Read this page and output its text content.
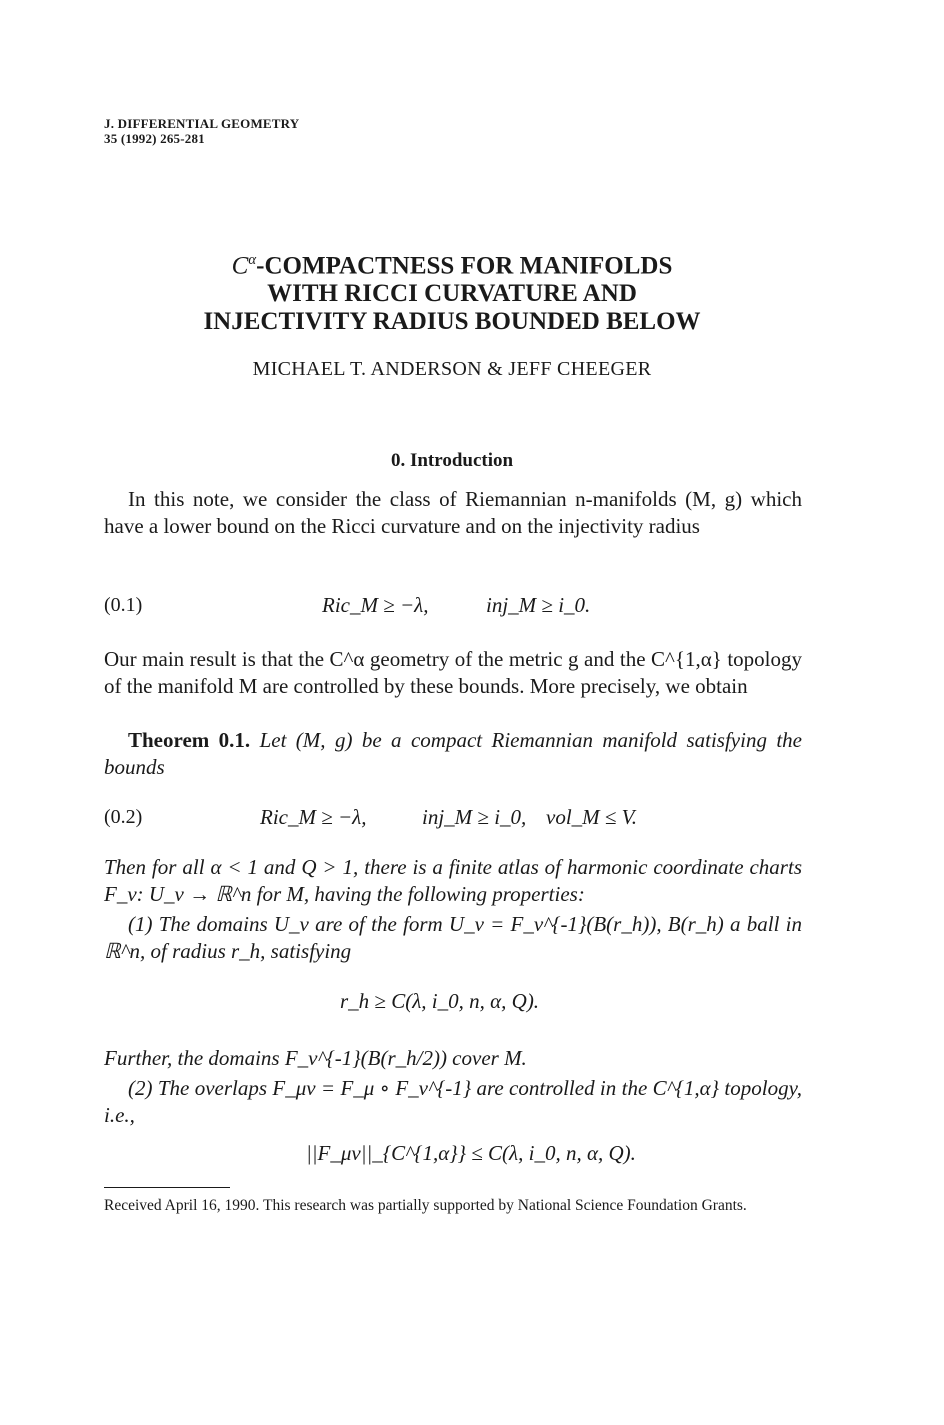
J. DIFFERENTIAL GEOMETRY
35 (1992) 265-281
$C^\alpha$-COMPACTNESS FOR MANIFOLDS
WITH RICCI CURVATURE AND
INJECTIVITY RADIUS BOUNDED BELOW
MICHAEL T. ANDERSON & JEFF CHEEGER
0. Introduction
In this note, we consider the class of Riemannian n-manifolds (M, g) which have a lower bound on the Ricci curvature and on the injectivity radius
(0.1)	Ric_M ≥ −λ,	inj_M ≥ i_0.
Our main result is that the C^α geometry of the metric g and the C^{1,α} topology of the manifold M are controlled by these bounds. More precisely, we obtain
Theorem 0.1. Let (M, g) be a compact Riemannian manifold satisfying the bounds
(0.2)	Ric_M ≥ −λ,	inj_M ≥ i_0, vol_M ≤ V.
Then for all α < 1 and Q > 1, there is a finite atlas of harmonic coordinate charts F_ν: U_ν → ℝ^n for M, having the following properties:
(1) The domains U_ν are of the form U_ν = F_ν^{-1}(B(r_h)), B(r_h) a ball in ℝ^n, of radius r_h, satisfying
r_h ≥ C(λ, i_0, n, α, Q).
Further, the domains F_ν^{-1}(B(r_h/2)) cover M.
(2) The overlaps F_μν = F_μ ∘ F_ν^{-1} are controlled in the C^{1,α} topology, i.e.,
||F_μν||_{C^{1,α}} ≤ C(λ, i_0, n, α, Q).
Received April 16, 1990. This research was partially supported by National Science Foundation Grants.
